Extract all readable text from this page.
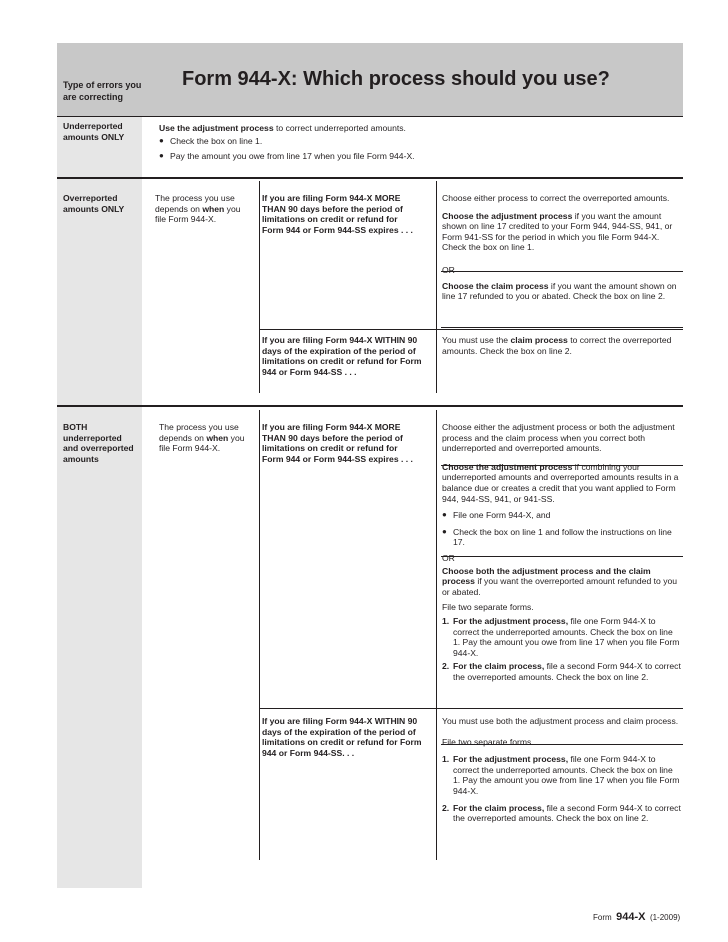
Type of errors you are correcting
Form 944-X: Which process should you use?
Underreported amounts ONLY

Use the adjustment process to correct underreported amounts.

● Check the box on line 1.

● Pay the amount you owe from line 17 when you file Form 944-X.

Overreported amounts ONLY
The process you use depends on when you file Form 944-X.
If you are filing Form 944-X MORE THAN 90 days before the period of limitations on credit or refund for Form 944 or Form 944-SS expires . . .

Choose either process to correct the overreported amounts.

Choose the adjustment process if you want the amount shown on line 17 credited to your Form 944, 944-SS, 941, or Form 941-SS for the period in which you file Form 944-X. Check the box on line 1.

OR

Choose the claim process if you want the amount shown on line 17 refunded to you or abated. Check the box on line 2.

If you are filing Form 944-X WITHIN 90 days of the expiration of the period of limitations on credit or refund for Form 944 or Form 944-SS . . .
You must use the claim process to correct the overreported amounts. Check the box on line 2.
BOTH underreported and overreported amounts
The process you use depends on when you file Form 944-X.
If you are filing Form 944-X MORE THAN 90 days before the period of limitations on credit or refund for Form 944 or Form 944-SS expires . . .

Choose either the adjustment process or both the adjustment process and the claim process when you correct both underreported and overreported amounts.

Choose the adjustment process if combining your underreported amounts and overreported amounts results in a balance due or creates a credit that you want applied to Form 944, 944-SS, 941, or 941-SS.

● File one Form 944-X, and

● Check the box on line 1 and follow the instructions on line 17.

OR

Choose both the adjustment process and the claim process if you want the overreported amount refunded to you or abated.

File two separate forms.

1. For the adjustment process, file one Form 944-X to correct the underreported amounts. Check the box on line 1. Pay the amount you owe from line 17 when you file Form 944-X.

2. For the claim process, file a second Form 944-X to correct the overreported amounts. Check the box on line 2.

If you are filing Form 944-X WITHIN 90 days of the expiration of the period of limitations on credit or refund for Form 944 or Form 944-SS. . .

You must use both the adjustment process and claim process.

File two separate forms.

1. For the adjustment process, file one Form 944-X to correct the underreported amounts. Check the box on line 1. Pay the amount you owe from line 17 when you file Form 944-X.

2. For the claim process, file a second Form 944-X to correct the overreported amounts. Check the box on line 2.

Form 944-X (1-2009)
